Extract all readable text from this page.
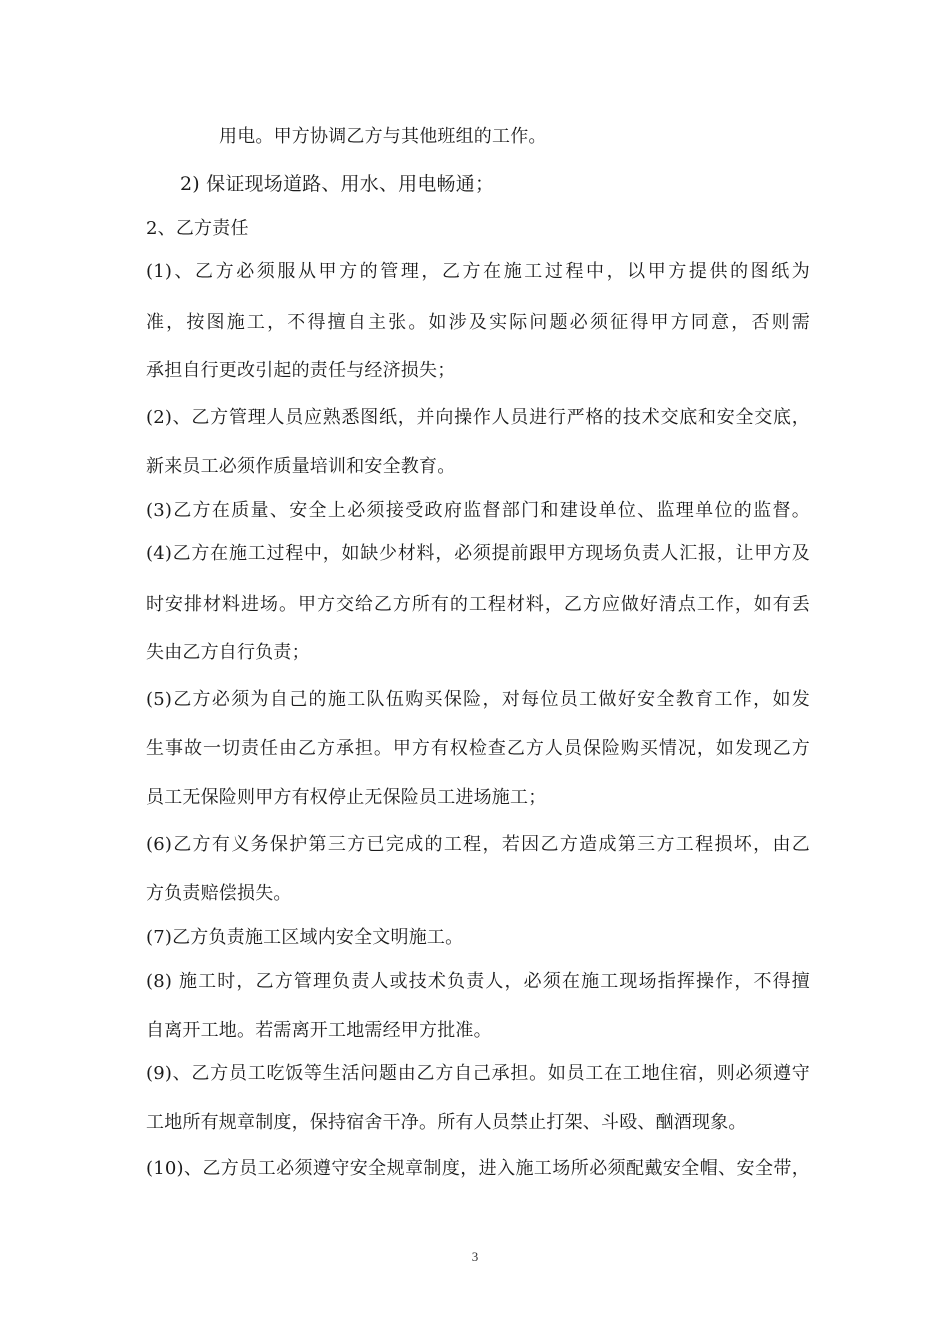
用电。甲方协调乙方与其他班组的工作。
2) 保证现场道路、用水、用电畅通；
2、乙方责任
(1)、乙方必须服从甲方的管理，乙方在施工过程中，以甲方提供的图纸为
准，按图施工，不得擅自主张。如涉及实际问题必须征得甲方同意，否则需
承担自行更改引起的责任与经济损失；
(2)、乙方管理人员应熟悉图纸，并向操作人员进行严格的技术交底和安全交底，
新来员工必须作质量培训和安全教育。
(3)乙方在质量、安全上必须接受政府监督部门和建设单位、监理单位的监督。
(4)乙方在施工过程中，如缺少材料，必须提前跟甲方现场负责人汇报，让甲方及
时安排材料进场。甲方交给乙方所有的工程材料，乙方应做好清点工作，如有丢
失由乙方自行负责；
(5)乙方必须为自己的施工队伍购买保险，对每位员工做好安全教育工作，如发
生事故一切责任由乙方承担。甲方有权检查乙方人员保险购买情况，如发现乙方
员工无保险则甲方有权停止无保险员工进场施工；
(6)乙方有义务保护第三方已完成的工程，若因乙方造成第三方工程损坏，由乙
方负责赔偿损失。
(7)乙方负责施工区域内安全文明施工。
(8) 施工时，乙方管理负责人或技术负责人，必须在施工现场指挥操作，不得擅
自离开工地。若需离开工地需经甲方批准。
(9)、乙方员工吃饭等生活问题由乙方自己承担。如员工在工地住宿，则必须遵守
工地所有规章制度，保持宿舍干净。所有人员禁止打架、斗殴、酗酒现象。
(10)、乙方员工必须遵守安全规章制度，进入施工场所必须配戴安全帽、安全带，
3
